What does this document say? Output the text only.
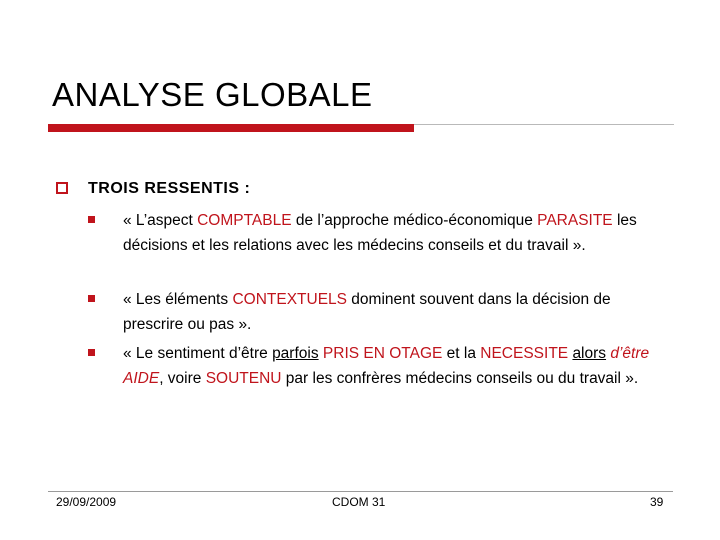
ANALYSE GLOBALE
TROIS RESSENTIS :
« L’aspect COMPTABLE de l’approche médico-économique PARASITE les décisions et les relations avec les médecins conseils et du travail ».
« Les éléments CONTEXTUELS dominent souvent dans la décision de prescrire ou pas ».
« Le sentiment d’être parfois PRIS EN OTAGE et la NECESSITE alors d’être AIDE, voire SOUTENU par les confrères médecins conseils ou du travail ».
29/09/2009	CDOM 31	39
